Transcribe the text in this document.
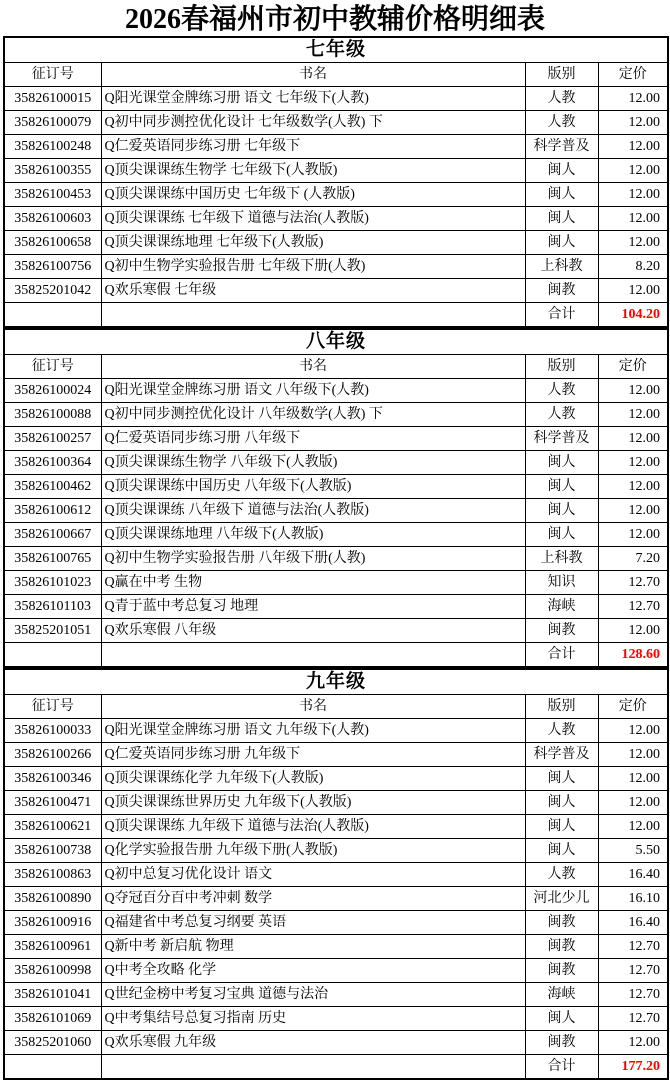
2026春福州市初中教辅价格明细表
七年级			
征订号	书名	版别	定价
35826100015	Q阳光课堂金牌练习册 语文 七年级下(人教)	人教	12.00
35826100079	Q初中同步测控优化设计 七年级数学(人教) 下	人教	12.00
35826100248	Q仁爱英语同步练习册 七年级下	科学普及	12.00
35826100355	Q顶尖课课练生物学 七年级下(人教版)	闽人	12.00
35826100453	Q顶尖课课练中国历史 七年级下 (人教版)	闽人	12.00
35826100603	Q顶尖课课练 七年级下 道德与法治(人教版)	闽人	12.00
35826100658	Q顶尖课课练地理 七年级下(人教版)	闽人	12.00
35826100756	Q初中生物学实验报告册 七年级下册(人教)	上科教	8.20
35825201042	Q欢乐寒假 七年级	闽教	12.00
		合计	104.20
八年级			
征订号	书名	版别	定价
35826100024	Q阳光课堂金牌练习册 语文 八年级下(人教)	人教	12.00
35826100088	Q初中同步测控优化设计 八年级数学(人教) 下	人教	12.00
35826100257	Q仁爱英语同步练习册 八年级下	科学普及	12.00
35826100364	Q顶尖课课练生物学 八年级下(人教版)	闽人	12.00
35826100462	Q顶尖课课练中国历史 八年级下(人教版)	闽人	12.00
35826100612	Q顶尖课课练 八年级下 道德与法治(人教版)	闽人	12.00
35826100667	Q顶尖课课练地理 八年级下(人教版)	闽人	12.00
35826100765	Q初中生物学实验报告册 八年级下册(人教)	上科教	7.20
35826101023	Q赢在中考 生物	知识	12.70
35826101103	Q青于蓝中考总复习 地理	海峡	12.70
35825201051	Q欢乐寒假 八年级	闽教	12.00
		合计	128.60
九年级			
征订号	书名	版别	定价
35826100033	Q阳光课堂金牌练习册 语文 九年级下(人教)	人教	12.00
35826100266	Q仁爱英语同步练习册 九年级下	科学普及	12.00
35826100346	Q顶尖课课练化学 九年级下(人教版)	闽人	12.00
35826100471	Q顶尖课课练世界历史 九年级下(人教版)	闽人	12.00
35826100621	Q顶尖课课练 九年级下 道德与法治(人教版)	闽人	12.00
35826100738	Q化学实验报告册 九年级下册(人教版)	闽人	5.50
35826100863	Q初中总复习优化设计 语文	人教	16.40
35826100890	Q夺冠百分百中考冲刺 数学	河北少儿	16.10
35826100916	Q福建省中考总复习纲要 英语	闽教	16.40
35826100961	Q新中考 新启航 物理	闽教	12.70
35826100998	Q中考全攻略 化学	闽教	12.70
35826101041	Q世纪金榜中考复习宝典 道德与法治	海峡	12.70
35826101069	Q中考集结号总复习指南 历史	闽人	12.70
35825201060	Q欢乐寒假 九年级	闽教	12.00
		合计	177.20
